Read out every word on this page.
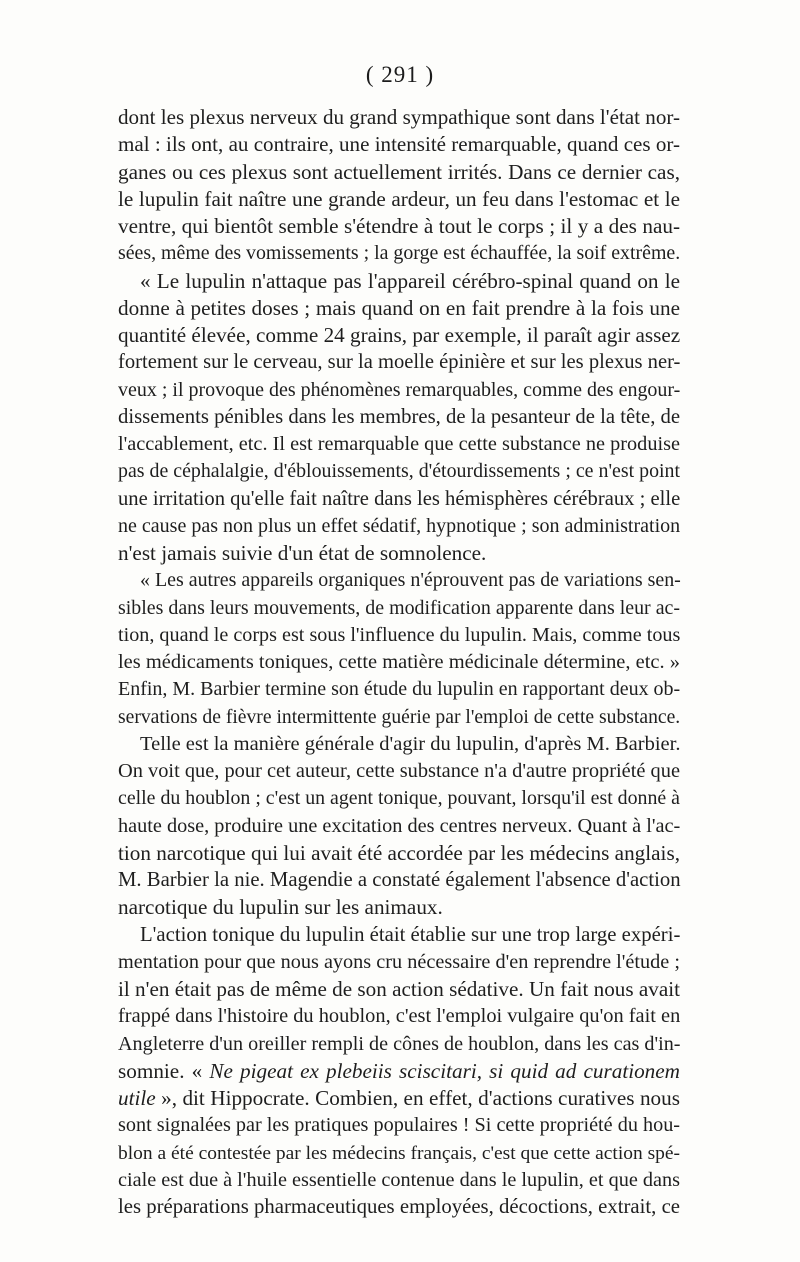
( 291 )
dont les plexus nerveux du grand sympathique sont dans l'état nor-
mal : ils ont, au contraire, une intensité remarquable, quand ces or-
ganes ou ces plexus sont actuellement irrités. Dans ce dernier cas,
le lupulin fait naître une grande ardeur, un feu dans l'estomac et le
ventre, qui bientôt semble s'étendre à tout le corps ; il y a des nau-
sées, même des vomissements ; la gorge est échauffée, la soif extrême.
« Le lupulin n'attaque pas l'appareil cérébro-spinal quand on le
donne à petites doses ; mais quand on en fait prendre à la fois une
quantité élevée, comme 24 grains, par exemple, il paraît agir assez
fortement sur le cerveau, sur la moelle épinière et sur les plexus ner-
veux ; il provoque des phénomènes remarquables, comme des engour-
dissements pénibles dans les membres, de la pesanteur de la tête, de
l'accablement, etc. Il est remarquable que cette substance ne produise
pas de céphalalgie, d'éblouissements, d'étourdissements ; ce n'est point
une irritation qu'elle fait naître dans les hémisphères cérébraux ; elle
ne cause pas non plus un effet sédatif, hypnotique ; son administration
n'est jamais suivie d'un état de somnolence.
« Les autres appareils organiques n'éprouvent pas de variations sen-
sibles dans leurs mouvements, de modification apparente dans leur ac-
tion, quand le corps est sous l'influence du lupulin. Mais, comme tous
les médicaments toniques, cette matière médicinale détermine, etc. »
Enfin, M. Barbier termine son étude du lupulin en rapportant deux ob-
servations de fièvre intermittente guérie par l'emploi de cette substance.
Telle est la manière générale d'agir du lupulin, d'après M. Barbier.
On voit que, pour cet auteur, cette substance n'a d'autre propriété que
celle du houblon ; c'est un agent tonique, pouvant, lorsqu'il est donné à
haute dose, produire une excitation des centres nerveux. Quant à l'ac-
tion narcotique qui lui avait été accordée par les médecins anglais,
M. Barbier la nie. Magendie a constaté également l'absence d'action
narcotique du lupulin sur les animaux.
L'action tonique du lupulin était établie sur une trop large expéri-
mentation pour que nous ayons cru nécessaire d'en reprendre l'étude ;
il n'en était pas de même de son action sédative. Un fait nous avait
frappé dans l'histoire du houblon, c'est l'emploi vulgaire qu'on fait en
Angleterre d'un oreiller rempli de cônes de houblon, dans les cas d'in-
somnie. « Ne pigeat ex plebeiis sciscitari, si quid ad curationem
utile », dit Hippocrate. Combien, en effet, d'actions curatives nous
sont signalées par les pratiques populaires ! Si cette propriété du hou-
blon a été contestée par les médecins français, c'est que cette action spé-
ciale est due à l'huile essentielle contenue dans le lupulin, et que dans
les préparations pharmaceutiques employées, décoctions, extrait, ce
